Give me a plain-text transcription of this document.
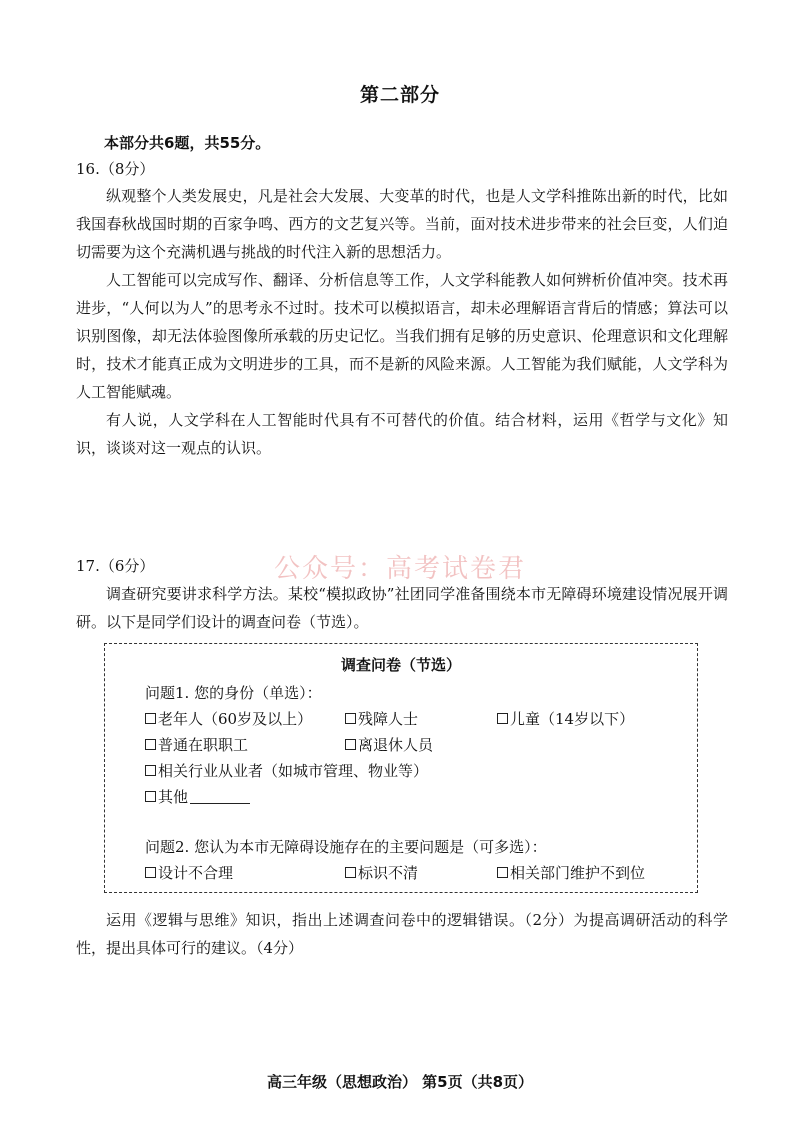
第二部分
本部分共6题，共55分。
16.（8分）

纵观整个人类发展史，凡是社会大发展、大变革的时代，也是人文学科推陈出新的时代，比如我国春秋战国时期的百家争鸣、西方的文艺复兴等。当前，面对技术进步带来的社会巨变，人们迫切需要为这个充满机遇与挑战的时代注入新的思想活力。

人工智能可以完成写作、翻译、分析信息等工作，人文学科能教人如何辨析价值冲突。技术再进步，“人何以为人”的思考永不过时。技术可以模拟语言，却未必理解语言背后的情感；算法可以识别图像，却无法体验图像所承载的历史记忆。当我们拥有足够的历史意识、伦理意识和文化理解时，技术才能真正成为文明进步的工具，而不是新的风险来源。人工智能为我们赋能，人文学科为人工智能赋魂。

有人说，人文学科在人工智能时代具有不可替代的价值。结合材料，运用《哲学与文化》知识，谈谈对这一观点的认识。

公众号：高考试卷君
17.（6分）

调查研究要讲求科学方法。某校“模拟政协”社团同学准备围绕本市无障碍环境建设情况展开调研。以下是同学们设计的调查问卷（节选）。

调查问卷（节选）
问题1. 您的身份（单选）：
老年人（60岁及以上）	残障人士	儿童（14岁以下）
普通在职职工	离退休人员
相关行业从业者（如城市管理、物业等）
其他
问题2. 您认为本市无障碍设施存在的主要问题是（可多选）：
设计不合理	标识不清	相关部门维护不到位

运用《逻辑与思维》知识，指出上述调查问卷中的逻辑错误。（2分）为提高调研活动的科学性，提出具体可行的建议。（4分）

高三年级（思想政治） 第5页（共8页）
